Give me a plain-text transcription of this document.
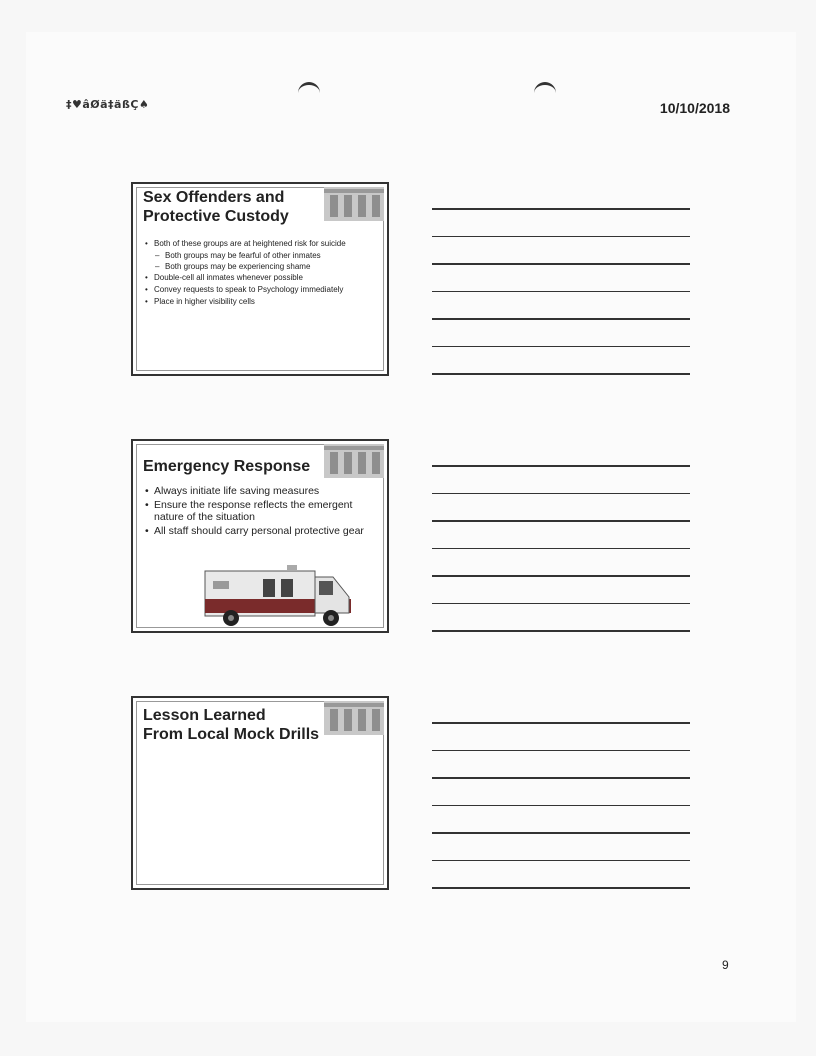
‡♥âØä‡äßÇ♠	10/10/2018
Sex Offenders and
Protective Custody
• Both of these groups are at heightened risk for suicide
– Both groups may be fearful of other inmates
– Both groups may be experiencing shame
• Double-cell all inmates whenever possible
• Convey requests to speak to Psychology immediately
• Place in higher visibility cells
Emergency Response
• Always initiate life saving measures
• Ensure the response reflects the emergent nature of the situation
• All staff should carry personal protective gear
Lesson Learned
From Local Mock Drills
9
